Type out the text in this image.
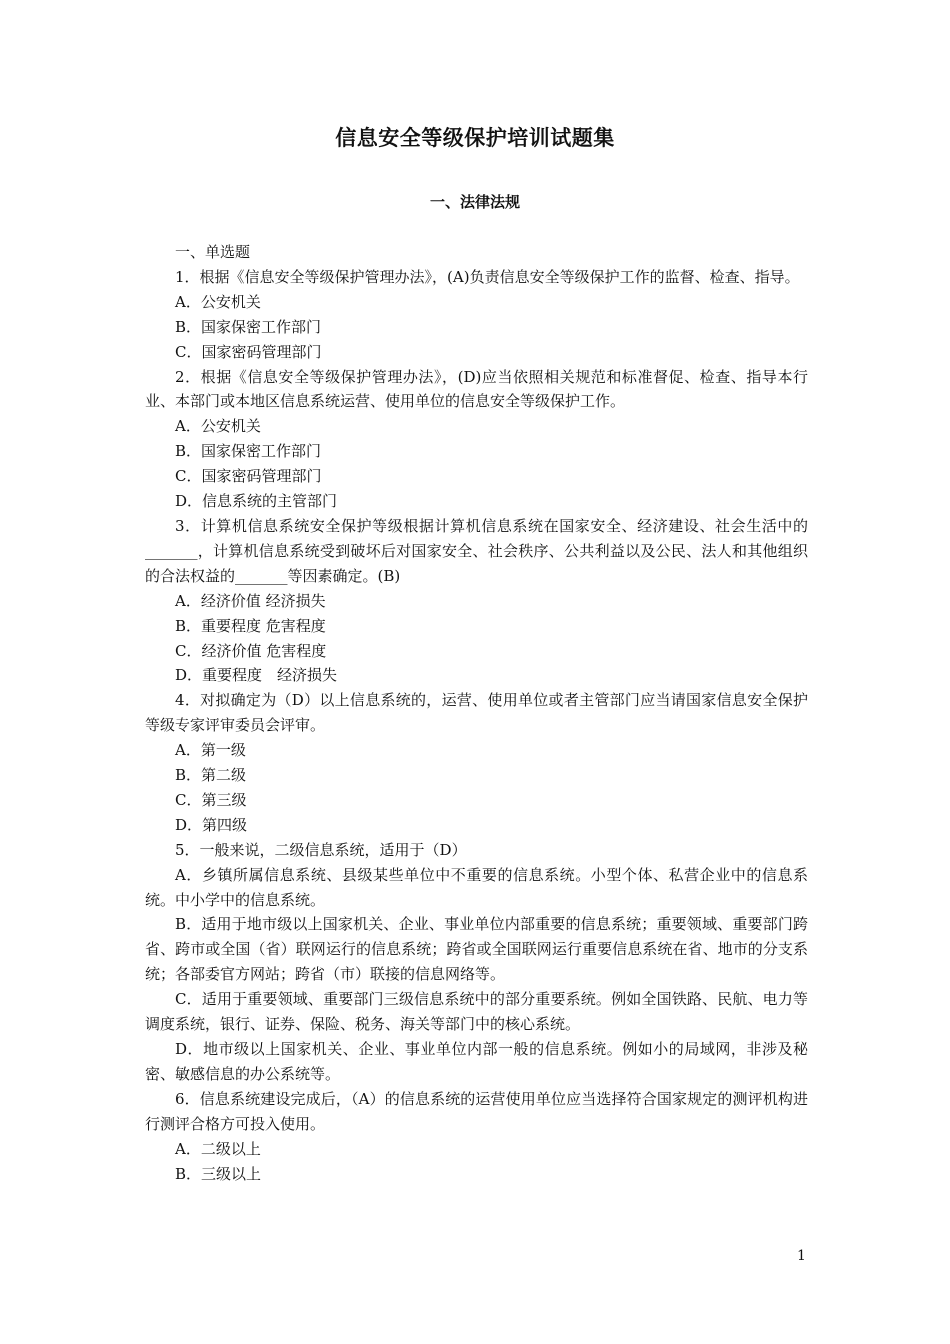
信息安全等级保护培训试题集
一、法律法规

一、单选题

1．根据《信息安全等级保护管理办法》，(A)负责信息安全等级保护工作的监督、检查、指导。

A．公安机关

B．国家保密工作部门

C．国家密码管理部门

2．根据《信息安全等级保护管理办法》，(D)应当依照相关规范和标准督促、检查、指导本行业、本部门或本地区信息系统运营、使用单位的信息安全等级保护工作。

A．公安机关

B．国家保密工作部门

C．国家密码管理部门

D．信息系统的主管部门

3．计算机信息系统安全保护等级根据计算机信息系统在国家安全、经济建设、社会生活中的_______，计算机信息系统受到破坏后对国家安全、社会秩序、公共利益以及公民、法人和其他组织的合法权益的_______等因素确定。(B)

A．经济价值 经济损失

B．重要程度 危害程度

C．经济价值 危害程度

D．重要程度　经济损失

4．对拟确定为（D）以上信息系统的，运营、使用单位或者主管部门应当请国家信息安全保护等级专家评审委员会评审。

A．第一级

B．第二级

C．第三级

D．第四级

5．一般来说，二级信息系统，适用于（D）

A．乡镇所属信息系统、县级某些单位中不重要的信息系统。小型个体、私营企业中的信息系统。中小学中的信息系统。

B．适用于地市级以上国家机关、企业、事业单位内部重要的信息系统；重要领域、重要部门跨省、跨市或全国（省）联网运行的信息系统；跨省或全国联网运行重要信息系统在省、地市的分支系统；各部委官方网站；跨省（市）联接的信息网络等。

C．适用于重要领域、重要部门三级信息系统中的部分重要系统。例如全国铁路、民航、电力等调度系统，银行、证券、保险、税务、海关等部门中的核心系统。

D．地市级以上国家机关、企业、事业单位内部一般的信息系统。例如小的局域网，非涉及秘密、敏感信息的办公系统等。

6．信息系统建设完成后，（A）的信息系统的运营使用单位应当选择符合国家规定的测评机构进行测评合格方可投入使用。

A．二级以上

B．三级以上

1
